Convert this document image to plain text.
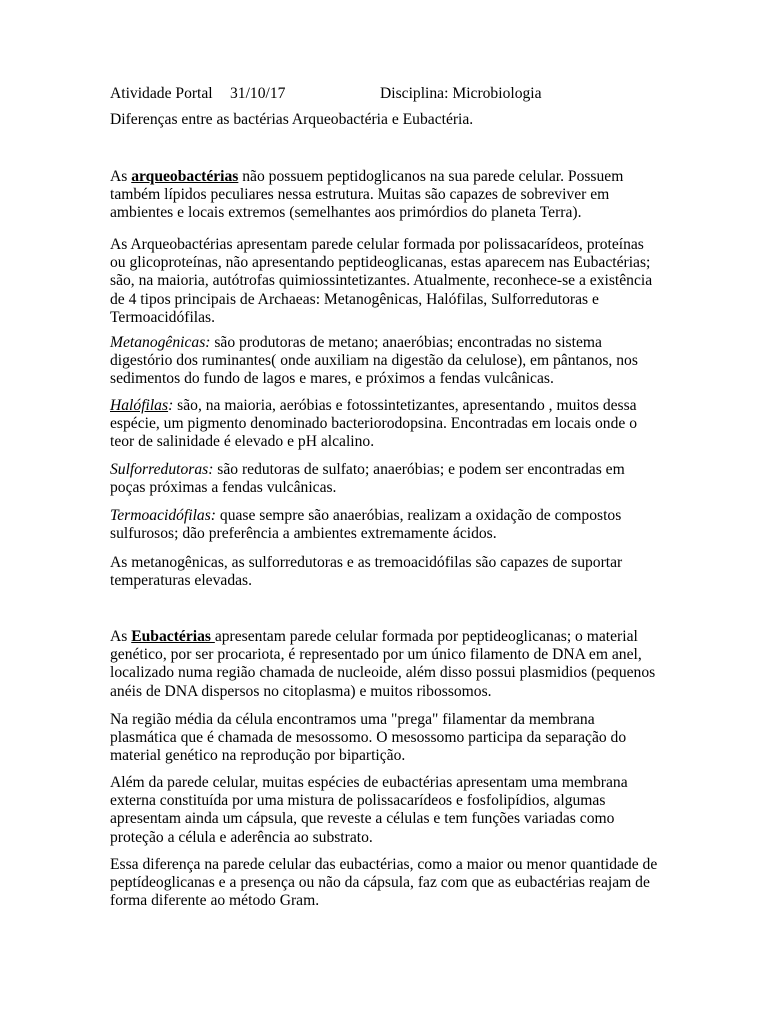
Atividade Portal 31/10/17	Disciplina: Microbiologia

Diferenças entre as bactérias Arqueobactéria e Eubactéria.

As arqueobactérias não possuem peptidoglicanos na sua parede celular. Possuem
também lípidos peculiares nessa estrutura. Muitas são capazes de sobreviver em
ambientes e locais extremos (semelhantes aos primórdios do planeta Terra).

As Arqueobactérias apresentam parede celular formada por polissacarídeos, proteínas
ou glicoproteínas, não apresentando peptideoglicanas, estas aparecem nas Eubactérias;
são, na maioria, autótrofas quimiossintetizantes. Atualmente, reconhece-se a existência
de 4 tipos principais de Archaeas: Metanogênicas, Halófilas, Sulforredutoras e
Termoacidófilas.

Metanogênicas: são produtoras de metano; anaeróbias; encontradas no sistema
digestório dos ruminantes( onde auxiliam na digestão da celulose), em pântanos, nos
sedimentos do fundo de lagos e mares, e próximos a fendas vulcânicas.

Halófilas: são, na maioria, aeróbias e fotossintetizantes, apresentando , muitos dessa
espécie, um pigmento denominado bacteriorodopsina. Encontradas em locais onde o
teor de salinidade é elevado e pH alcalino.

Sulforredutoras: são redutoras de sulfato; anaeróbias; e podem ser encontradas em
poças próximas a fendas vulcânicas.

Termoacidófilas: quase sempre são anaeróbias, realizam a oxidação de compostos
sulfurosos; dão preferência a ambientes extremamente ácidos.

As metanogênicas, as sulforredutoras e as tremoacidófilas são capazes de suportar
temperaturas elevadas.

As Eubactérias apresentam parede celular formada por peptideoglicanas; o material
genético, por ser procariota, é representado por um único filamento de DNA em anel,
localizado numa região chamada de nucleoide, além disso possui plasmidios (pequenos
anéis de DNA dispersos no citoplasma) e muitos ribossomos.

Na região média da célula encontramos uma "prega" filamentar da membrana
plasmática que é chamada de mesossomo. O mesossomo participa da separação do
material genético na reprodução por bipartição.

Além da parede celular, muitas espécies de eubactérias apresentam uma membrana
externa constituída por uma mistura de polissacarídeos e fosfolipídios, algumas
apresentam ainda um cápsula, que reveste a células e tem funções variadas como
proteção a célula e aderência ao substrato.

Essa diferença na parede celular das eubactérias, como a maior ou menor quantidade de
peptídeoglicanas e a presença ou não da cápsula, faz com que as eubactérias reajam de
forma diferente ao método Gram.
